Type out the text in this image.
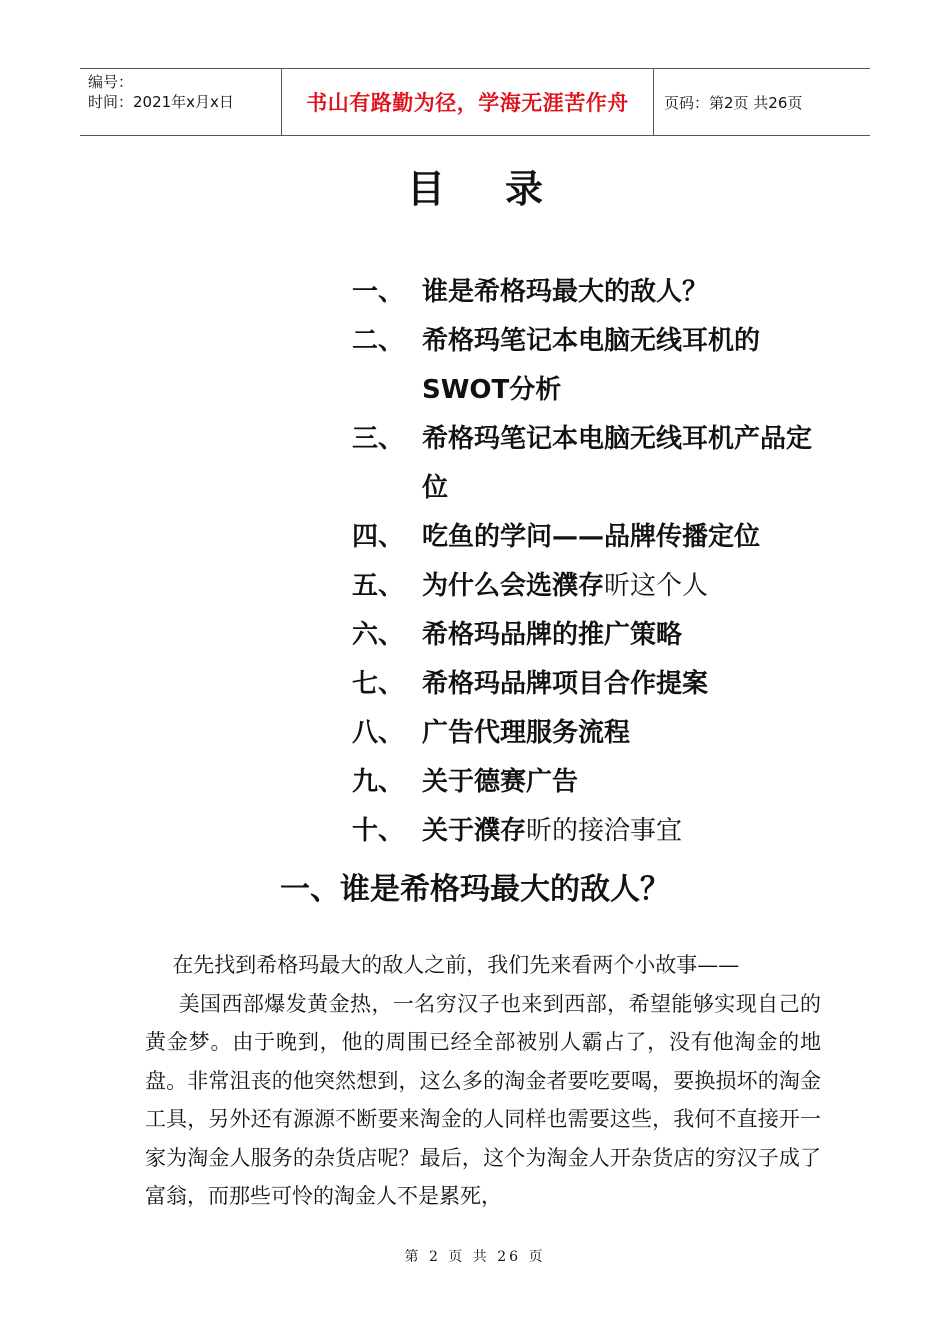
编号：
时间：2021年x月x日	书山有路勤为径，学海无涯苦作舟	页码：第2页 共26页
目录
一、 谁是希格玛最大的敌人？
二、 希格玛笔记本电脑无线耳机的SWOT分析
三、 希格玛笔记本电脑无线耳机产品定位
四、 吃鱼的学问——品牌传播定位
五、 为什么会选濮存昕这个人
六、 希格玛品牌的推广策略
七、 希格玛品牌项目合作提案
八、 广告代理服务流程
九、 关于德赛广告
十、 关于濮存昕的接洽事宜
一、谁是希格玛最大的敌人？

在先找到希格玛最大的敌人之前，我们先来看两个小故事——

美国西部爆发黄金热，一名穷汉子也来到西部，希望能够实现自己的黄金梦。由于晚到，他的周围已经全部被别人霸占了，没有他淘金的地盘。非常沮丧的他突然想到，这么多的淘金者要吃要喝，要换损坏的淘金工具，另外还有源源不断要来淘金的人同样也需要这些，我何不直接开一家为淘金人服务的杂货店呢？最后，这个为淘金人开杂货店的穷汉子成了富翁，而那些可怜的淘金人不是累死，

第 2 页 共 26 页
